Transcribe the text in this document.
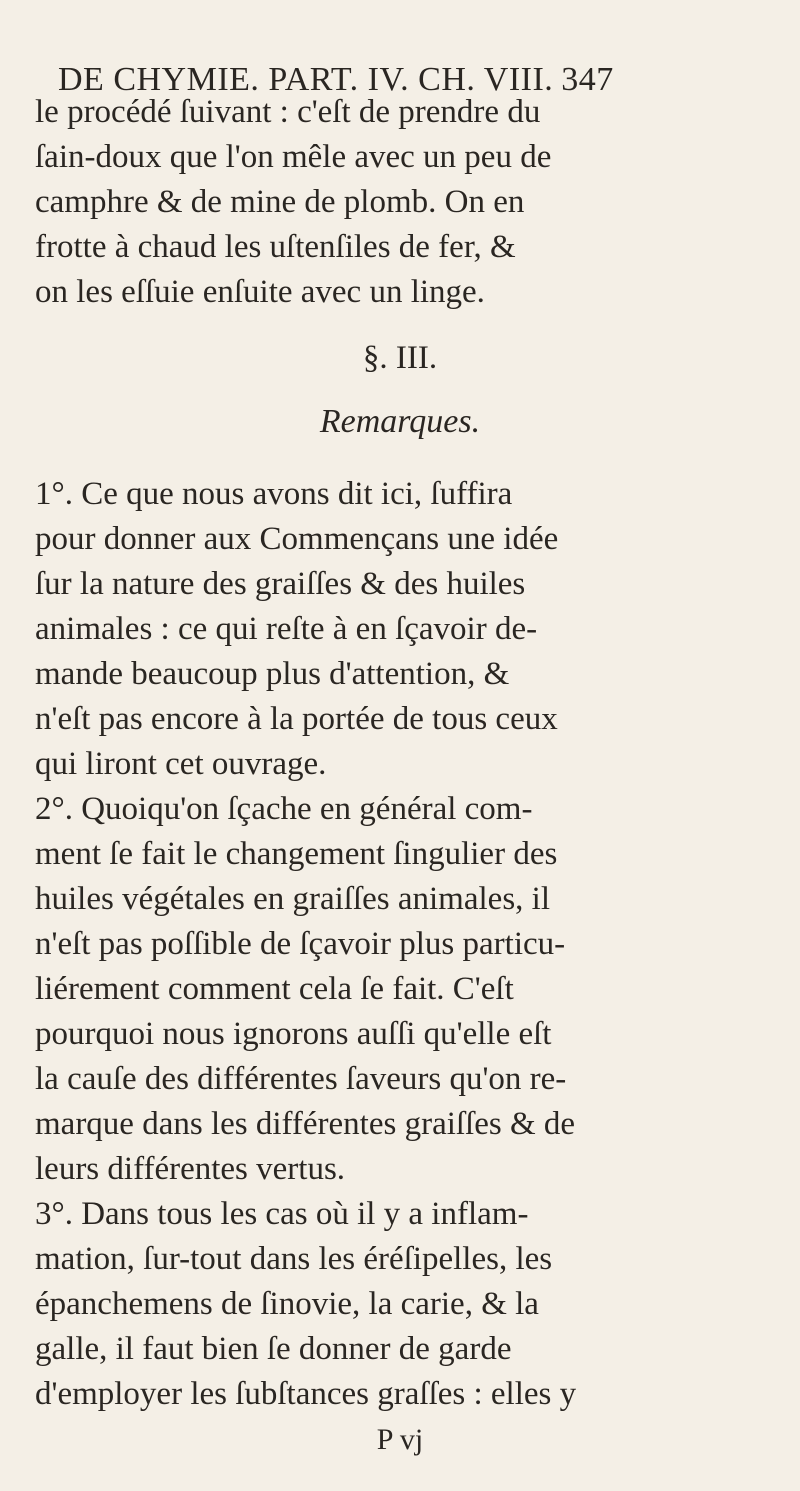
DE CHYMIE. PART. IV. CH. VIII. 347
le procédé ſuivant : c'eſt de prendre du
ſain-doux que l'on mêle avec un peu de
camphre & de mine de plomb. On en
frotte à chaud les uſtenſiles de fer, &
on les eſſuie enſuite avec un linge.
§. III.
Remarques.
1°. Ce que nous avons dit ici, ſuffira
pour donner aux Commençans une idée
ſur la nature des graiſſes & des huiles
animales : ce qui reſte à en ſçavoir de-
mande beaucoup plus d'attention, &
n'eſt pas encore à la portée de tous ceux
qui liront cet ouvrage.
2°. Quoiqu'on ſçache en général com-
ment ſe fait le changement ſingulier des
huiles végétales en graiſſes animales, il
n'eſt pas poſſible de ſçavoir plus particu-
liérement comment cela ſe fait. C'eſt
pourquoi nous ignorons auſſi qu'elle eſt
la cauſe des différentes ſaveurs qu'on re-
marque dans les différentes graiſſes & de
leurs différentes vertus.
3°. Dans tous les cas où il y a inflam-
mation, ſur-tout dans les éréſipelles, les
épanchemens de ſinovie, la carie, & la
galle, il faut bien ſe donner de garde
d'employer les ſubſtances graſſes : elles y
P vj
